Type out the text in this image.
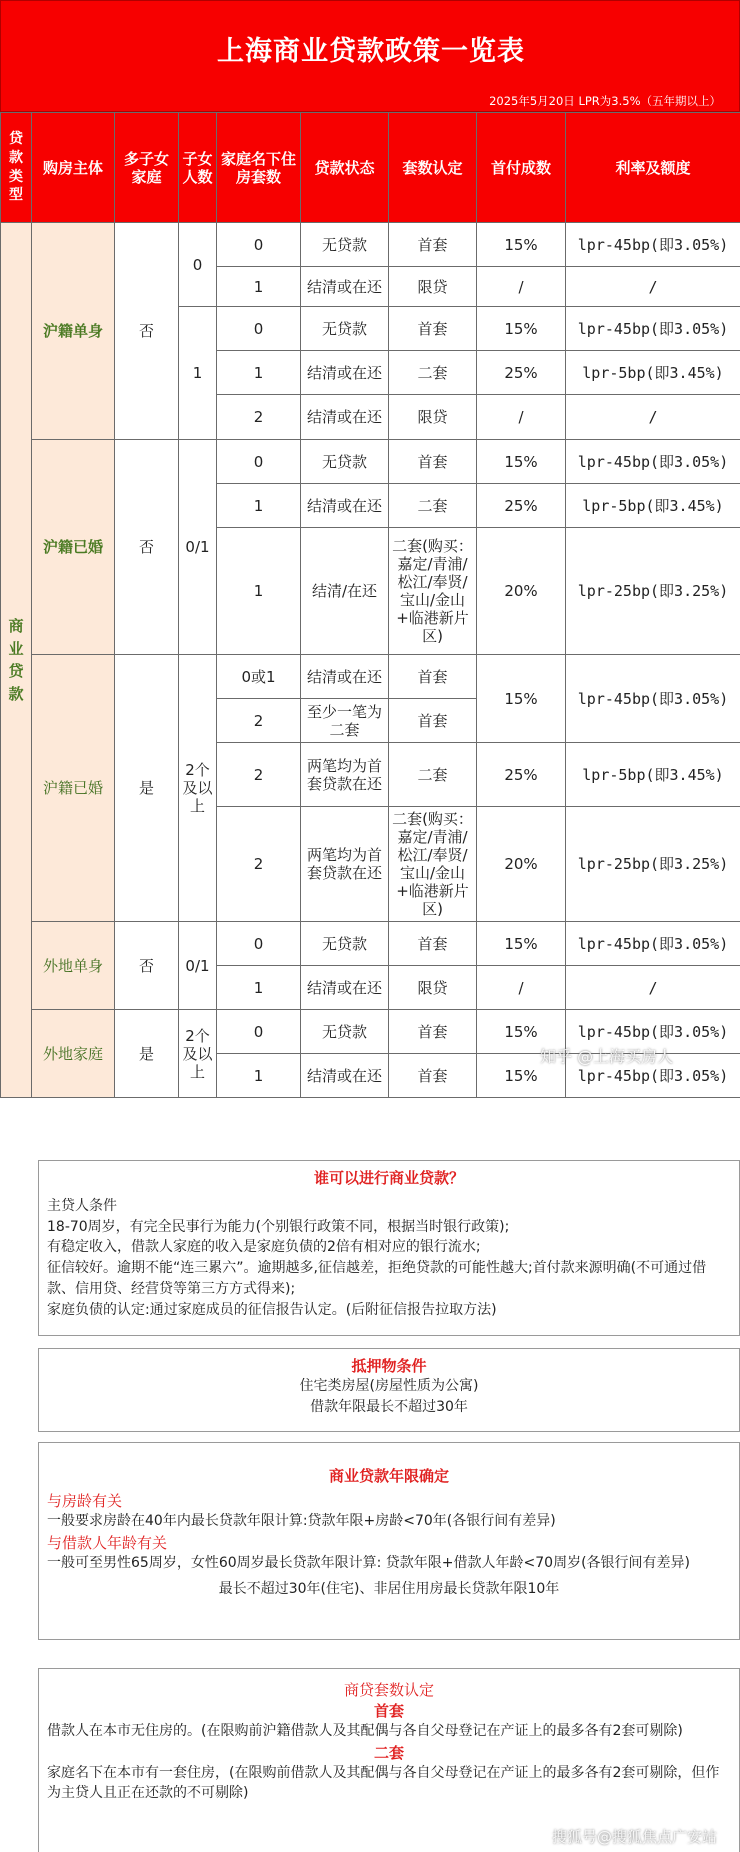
上海商业贷款政策一览表
2025年5月20日 LPR为3.5%（五年期以上）
贷款类型	购房主体	多子女家庭	子女人数	家庭名下住房套数	贷款状态	套数认定	首付成数	利率及额度
商业贷款	沪籍单身	否	0	0	无贷款	首套	15%	lpr-45bp(即3.05%)
				1	结清或在还	限贷	/	/
			1	0	无贷款	首套	15%	lpr-45bp(即3.05%)
				1	结清或在还	二套	25%	lpr-5bp(即3.45%)
				2	结清或在还	限贷	/	/
	沪籍已婚	否	0/1	0	无贷款	首套	15%	lpr-45bp(即3.05%)
				1	结清或在还	二套	25%	lpr-5bp(即3.45%)
				1	结清/在还	二套(购买：嘉定/青浦/松江/奉贤/宝山/金山+临港新片区)	20%	lpr-25bp(即3.25%)
	沪籍已婚	是	2个及以上	0或1	结清或在还	首套	15%	lpr-45bp(即3.05%)
				2	至少一笔为二套	首套		
				2	两笔均为首套贷款在还	二套	25%	lpr-5bp(即3.45%)
				2	两笔均为首套贷款在还	二套(购买：嘉定/青浦/松江/奉贤/宝山/金山+临港新片区)	20%	lpr-25bp(即3.25%)
	外地单身	否	0/1	0	无贷款	首套	15%	lpr-45bp(即3.05%)
				1	结清或在还	限贷	/	/
	外地家庭	是	2个及以上	0	无贷款	首套	15%	lpr-45bp(即3.05%)
				1	结清或在还	首套	15%	lpr-45bp(即3.05%)
谁可以进行商业贷款？

主贷人条件

18-70周岁，有完全民事行为能力(个别银行政策不同，根据当时银行政策);

有稳定收入，借款人家庭的收入是家庭负债的2倍有相对应的银行流水;

征信较好。逾期不能“连三累六”。逾期越多,征信越差，拒绝贷款的可能性越大;首付款来源明确(不可通过借款、信用贷、经营贷等第三方方式得来);

家庭负债的认定:通过家庭成员的征信报告认定。(后附征信报告拉取方法)

抵押物条件

住宅类房屋(房屋性质为公寓)

借款年限最长不超过30年

商业贷款年限确定
与房龄有关

一般要求房龄在40年内最长贷款年限计算:贷款年限+房龄<70年(各银行间有差异)

与借款人年龄有关

一般可至男性65周岁，女性60周岁最长贷款年限计算: 贷款年限+借款人年龄<70周岁(各银行间有差异)

最长不超过30年(住宅)、非居住用房最长贷款年限10年

商贷套数认定
首套

借款人在本市无住房的。(在限购前沪籍借款人及其配偶与各自父母登记在产证上的最多各有2套可剔除)

二套

家庭名下在本市有一套住房，(在限购前借款人及其配偶与各自父母登记在产证上的最多各有2套可剔除，但作为主贷人且正在还款的不可剔除)

知乎 @上海买房人
搜狐号@搜狐焦点广安站
